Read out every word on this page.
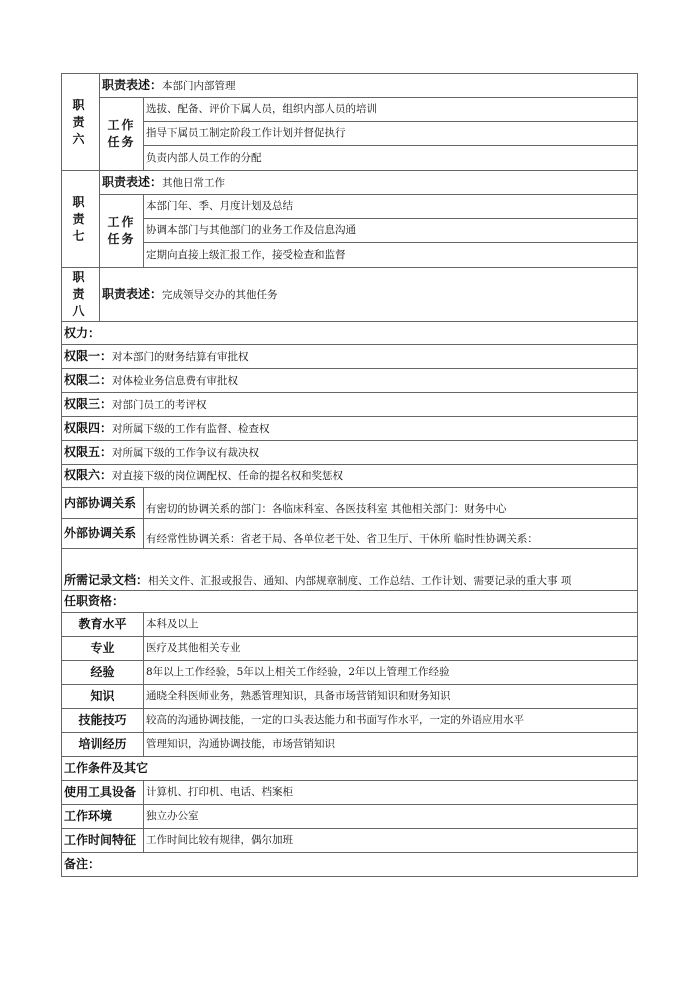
职 责 六	职责表述：本部门内部管理	
	工作 任务	选拔、配备、评价下属人员，组织内部人员的培训
		指导下属员工制定阶段工作计划并督促执行
		负责内部人员工作的分配
职 责 七	职责表述：其他日常工作	
	工作 任务	本部门年、季、月度计划及总结
		协调本部门与其他部门的业务工作及信息沟通
		定期向直接上级汇报工作，接受检查和监督
职 责 八	职责表述：完成领导交办的其他任务	
权力：		
权限一：对本部门的财务结算有审批权		
权限二：对体检业务信息费有审批权		
权限三：对部门员工的考评权		
权限四：对所属下级的工作有监督、检查权		
权限五：对所属下级的工作争议有裁决权		
权限六：对直接下级的岗位调配权、任命的提名权和奖惩权		
内部协调关系		有密切的协调关系的部门：各临床科室、各医技科室 其他相关部门：财务中心
外部协调关系		有经常性协调关系：省老干局、各单位老干处、省卫生厅、干休所 临时性协调关系：
所需记录文档：相关文件、汇报或报告、通知、内部规章制度、工作总结、工作计划、需要记录的重大事 项		
任职资格：		
教育水平		本科及以上
专业		医疗及其他相关专业
经验		8年以上工作经验，5年以上相关工作经验，2年以上管理工作经验
知识		通晓全科医师业务，熟悉管理知识，具备市场营销知识和财务知识
技能技巧		较高的沟通协调技能，一定的口头表达能力和书面写作水平，一定的外语应用水平
培训经历		管理知识，沟通协调技能，市场营销知识
工作条件及其它		
使用工具设备		计算机、打印机、电话、档案柜
工作环境		独立办公室
工作时间特征		工作时间比较有规律，偶尔加班
备注：		
